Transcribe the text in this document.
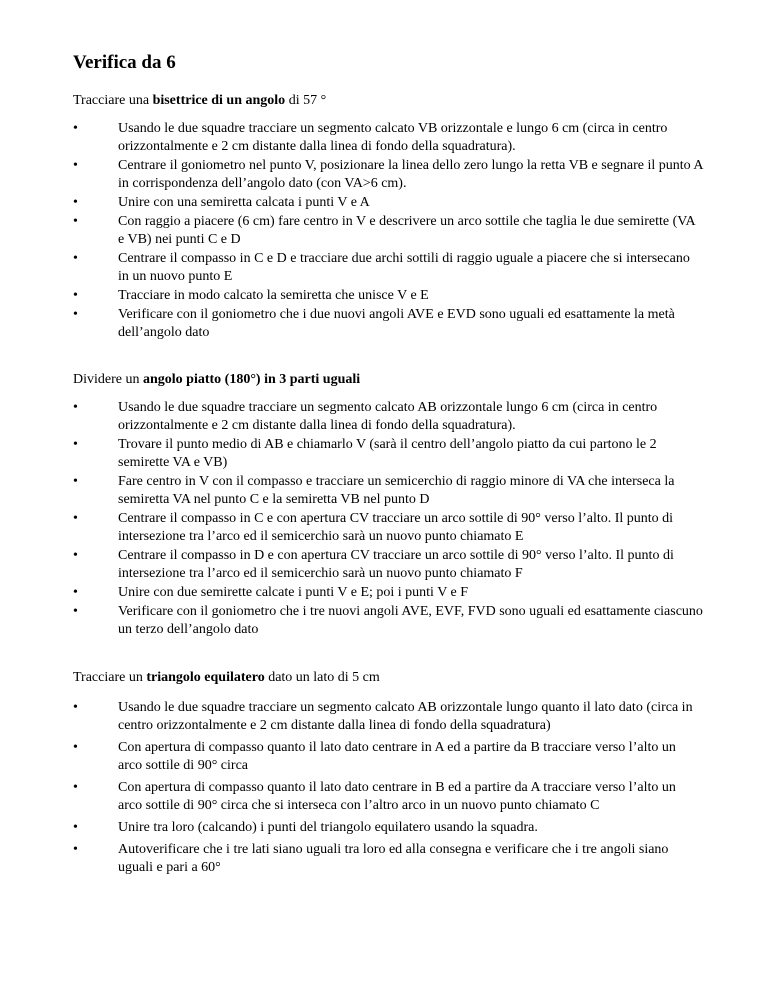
Verifica da 6

Tracciare una bisettrice di un angolo di 57 °

• Usando le due squadre tracciare un segmento calcato VB orizzontale e lungo 6 cm (circa in centro orizzontalmente e 2 cm distante dalla linea di fondo della squadratura).
• Centrare il goniometro nel punto V, posizionare la linea dello zero lungo la retta VB e segnare il punto A in corrispondenza dell’angolo dato (con VA>6 cm).
• Unire con una semiretta calcata i punti V e A
• Con raggio a piacere (6 cm) fare centro in V e descrivere un arco sottile che taglia le due semirette (VA e VB) nei punti C e D
• Centrare il compasso in C e D e tracciare due archi sottili di raggio uguale a piacere che si intersecano in un nuovo punto E
• Tracciare in modo calcato la semiretta che unisce V e E
• Verificare con il goniometro che i due nuovi angoli AVE e EVD sono uguali ed esattamente la metà dell’angolo dato

Dividere un angolo piatto (180°) in 3 parti uguali

• Usando le due squadre tracciare un segmento calcato AB orizzontale lungo 6 cm (circa in centro orizzontalmente e 2 cm distante dalla linea di fondo della squadratura).
• Trovare il punto medio di AB e chiamarlo V (sarà il centro dell’angolo piatto da cui partono le 2 semirette VA e VB)
• Fare centro in V con il compasso e tracciare un semicerchio di raggio minore di VA che interseca la semiretta VA nel punto C e la semiretta VB nel punto D
• Centrare il compasso in C e con apertura CV tracciare un arco sottile di 90° verso l’alto. Il punto di intersezione tra l’arco ed il semicerchio sarà un nuovo punto chiamato E
• Centrare il compasso in D e con apertura CV tracciare un arco sottile di 90° verso l’alto. Il punto di intersezione tra l’arco ed il semicerchio sarà un nuovo punto chiamato F
• Unire con due semirette calcate i punti V e E; poi i punti V e F
• Verificare con il goniometro che i tre nuovi angoli AVE, EVF, FVD sono uguali ed esattamente ciascuno un terzo dell’angolo dato

Tracciare un triangolo equilatero dato un lato di 5 cm

• Usando le due squadre tracciare un segmento calcato AB orizzontale lungo quanto il lato dato (circa in centro orizzontalmente e 2 cm distante dalla linea di fondo della squadratura)
• Con apertura di compasso quanto il lato dato centrare in A ed a partire da B tracciare verso l’alto un arco sottile di 90° circa
• Con apertura di compasso quanto il lato dato centrare in B ed a partire da A tracciare verso l’alto un arco sottile di 90° circa che si interseca con l’altro arco in un nuovo punto chiamato C
• Unire tra loro (calcando) i punti del triangolo equilatero usando la squadra.
• Autoverificare che i tre lati siano uguali tra loro ed alla consegna e verificare che i tre angoli siano uguali e pari a 60°
